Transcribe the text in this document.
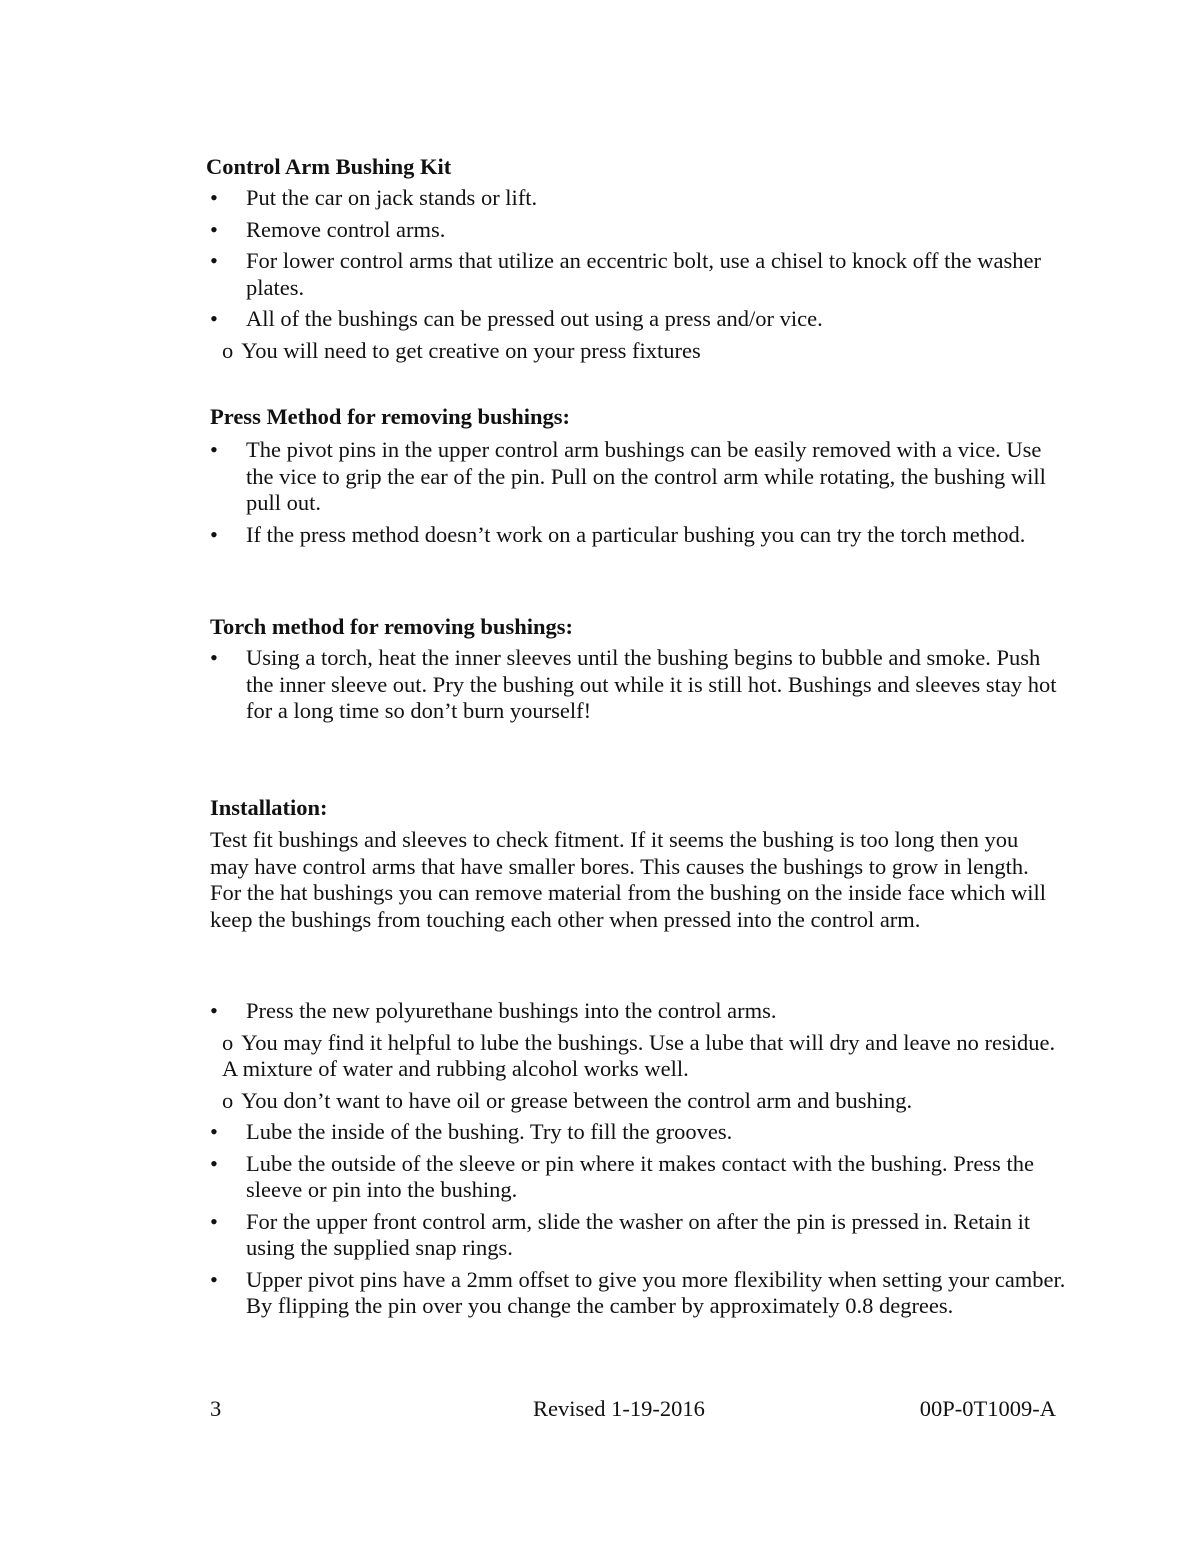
Control Arm Bushing Kit
• Put the car on jack stands or lift.
• Remove control arms.
• For lower control arms that utilize an eccentric bolt, use a chisel to knock off the washer plates.
• All of the bushings can be pressed out using a press and/or vice.
o You will need to get creative on your press fixtures
Press Method for removing bushings:
• The pivot pins in the upper control arm bushings can be easily removed with a vice. Use the vice to grip the ear of the pin. Pull on the control arm while rotating, the bushing will pull out.
• If the press method doesn’t work on a particular bushing you can try the torch method.
Torch method for removing bushings:
• Using a torch, heat the inner sleeves until the bushing begins to bubble and smoke. Push the inner sleeve out. Pry the bushing out while it is still hot. Bushings and sleeves stay hot for a long time so don’t burn yourself!
Installation:

Test fit bushings and sleeves to check fitment. If it seems the bushing is too long then you may have control arms that have smaller bores. This causes the bushings to grow in length. For the hat bushings you can remove material from the bushing on the inside face which will keep the bushings from touching each other when pressed into the control arm.

• Press the new polyurethane bushings into the control arms.
o You may find it helpful to lube the bushings. Use a lube that will dry and leave no residue. A mixture of water and rubbing alcohol works well.
o You don’t want to have oil or grease between the control arm and bushing.
• Lube the inside of the bushing. Try to fill the grooves.
• Lube the outside of the sleeve or pin where it makes contact with the bushing. Press the sleeve or pin into the bushing.
• For the upper front control arm, slide the washer on after the pin is pressed in. Retain it using the supplied snap rings.
• Upper pivot pins have a 2mm offset to give you more flexibility when setting your camber. By flipping the pin over you change the camber by approximately 0.8 degrees.
3	Revised 1-19-2016	00P-0T1009-A
